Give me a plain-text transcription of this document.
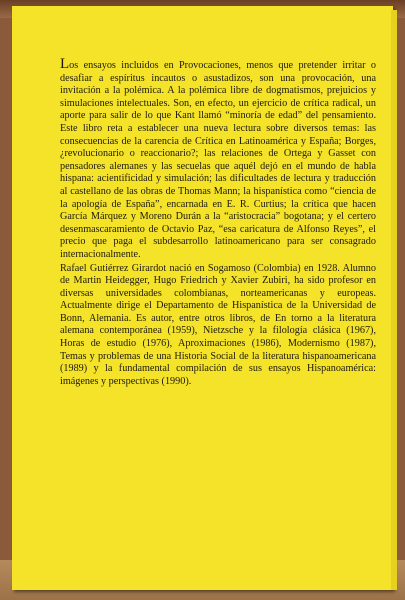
Los ensayos incluidos en Provocaciones, menos que pretender irritar o desafiar a espíritus incautos o asustadizos, son una provocación, una invitación a la polémica. A la polémica libre de dogmatismos, prejuicios y simulaciones intelectuales. Son, en efecto, un ejercicio de crítica radical, un aporte para salir de lo que Kant llamó “minoría de edad” del pensamiento. Este libro reta a establecer una nueva lectura sobre diversos temas: las consecuencias de la carencia de Crítica en Latinoamérica y España; Borges, ¿revolucionario o reaccionario?; las relaciones de Ortega y Gasset con pensadores alemanes y las secuelas que aquél dejó en el mundo de habla hispana: acientificidad y simulación; las dificultades de lectura y traducción al castellano de las obras de Thomas Mann; la hispanística como “ciencia de la apología de España”, encarnada en E. R. Curtius; la crítica que hacen García Márquez y Moreno Durán a la “aristocracia” bogotana; y el certero desenmascaramiento de Octavio Paz, “esa caricatura de Alfonso Reyes”, el precio que paga el subdesarrollo latinoamericano para ser consagrado internacionalmente.

Rafael Gutiérrez Girardot nació en Sogamoso (Colombia) en 1928. Alumno de Martin Heidegger, Hugo Friedrich y Xavier Zubiri, ha sido profesor en diversas universidades colombianas, norteamericanas y europeas. Actualmente dirige el Departamento de Hispanística de la Universidad de Bonn, Alemania. Es autor, entre otros libros, de En torno a la literatura alemana contemporánea (1959), Nietzsche y la filología clásica (1967), Horas de estudio (1976), Aproximaciones (1986), Modernismo (1987), Temas y problemas de una Historia Social de la literatura hispanoamericana (1989) y la fundamental compilación de sus ensayos Hispanoamérica: imágenes y perspectivas (1990).
